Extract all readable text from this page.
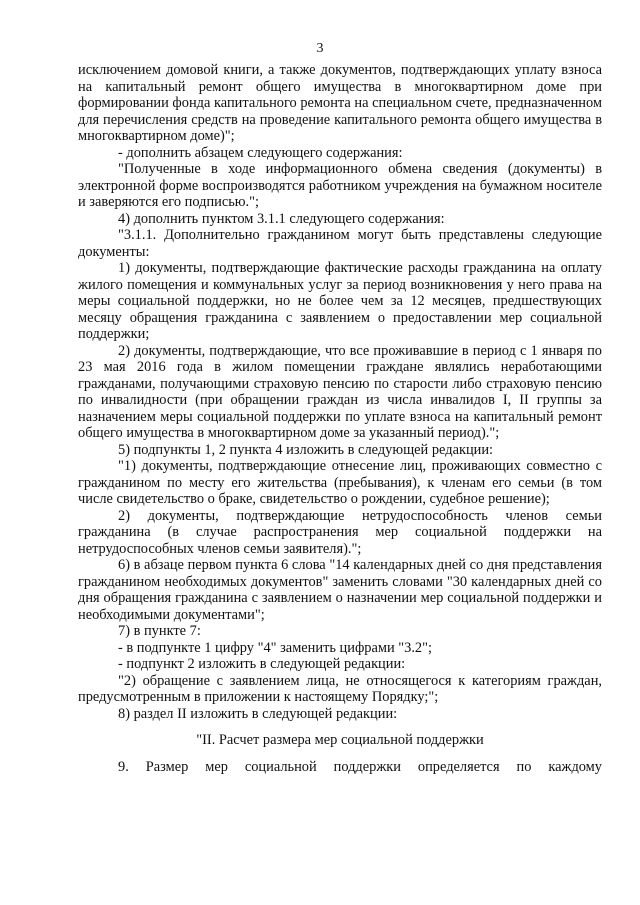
3

исключением домовой книги, а также документов, подтверждающих уплату взноса на капитальный ремонт общего имущества в многоквартирном доме при формировании фонда капитального ремонта на специальном счете, предназначенном для перечисления средств на проведение капитального ремонта общего имущества в многоквартирном доме)";

- дополнить абзацем следующего содержания:

"Полученные в ходе информационного обмена сведения (документы) в электронной форме воспроизводятся работником учреждения на бумажном носителе и заверяются его подписью.";

4) дополнить пунктом 3.1.1 следующего содержания:

"3.1.1. Дополнительно гражданином могут быть представлены следующие документы:

1) документы, подтверждающие фактические расходы гражданина на оплату жилого помещения и коммунальных услуг за период возникновения у него права на меры социальной поддержки, но не более чем за 12 месяцев, предшествующих месяцу обращения гражданина с заявлением о предоставлении мер социальной поддержки;

2) документы, подтверждающие, что все проживавшие в период с 1 января по 23 мая 2016 года в жилом помещении граждане являлись неработающими гражданами, получающими страховую пенсию по старости либо страховую пенсию по инвалидности (при обращении граждан из числа инвалидов I, II группы за назначением меры социальной поддержки по уплате взноса на капитальный ремонт общего имущества в многоквартирном доме за указанный период).";

5) подпункты 1, 2 пункта 4 изложить в следующей редакции:

"1) документы, подтверждающие отнесение лиц, проживающих совместно с гражданином по месту его жительства (пребывания), к членам его семьи (в том числе свидетельство о браке, свидетельство о рождении, судебное решение);

2) документы, подтверждающие нетрудоспособность членов семьи гражданина (в случае распространения мер социальной поддержки на нетрудоспособных членов семьи заявителя).";

6) в абзаце первом пункта 6 слова "14 календарных дней со дня представления гражданином необходимых документов" заменить словами "30 календарных дней со дня обращения гражданина с заявлением о назначении мер социальной поддержки и необходимыми документами";

7) в пункте 7:

- в подпункте 1 цифру "4" заменить цифрами "3.2";

- подпункт 2 изложить в следующей редакции:

"2) обращение с заявлением лица, не относящегося к категориям граждан, предусмотренным в приложении к настоящему Порядку;";

8) раздел II изложить в следующей редакции:

"II. Расчет размера мер социальной поддержки

9. Размер мер социальной поддержки определяется по каждому
